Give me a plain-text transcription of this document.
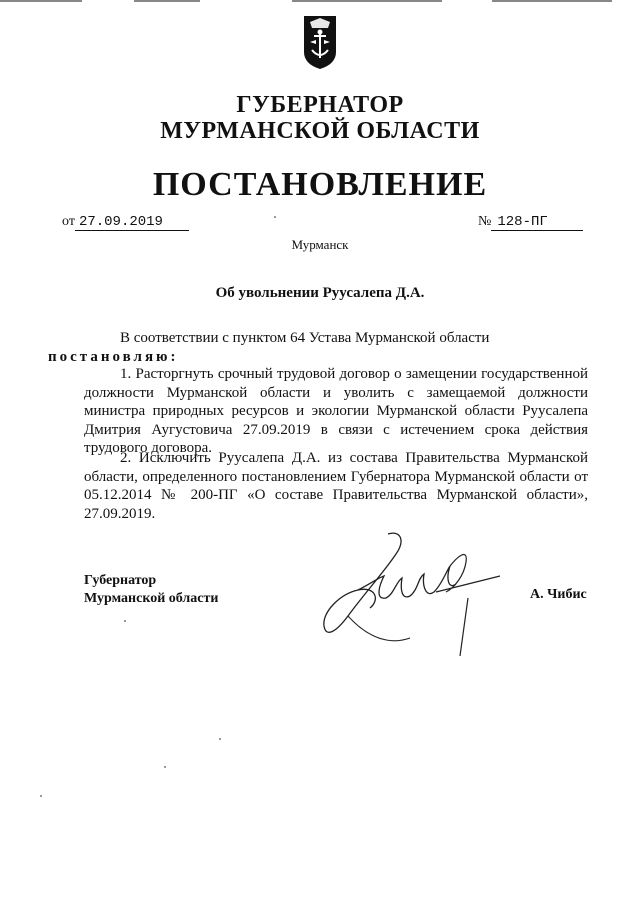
ГУБЕРНАТОР
МУРМАНСКОЙ ОБЛАСТИ
ПОСТАНОВЛЕНИЕ
от 27.09.2019	№ 128-ПГ
Мурманск
Об увольнении Руусалепа Д.А.
В соответствии с пунктом 64 Устава Мурманской области
постановляю:
1. Расторгнуть срочный трудовой договор о замещении государственной должности Мурманской области и уволить с замещаемой должности министра природных ресурсов и экологии Мурманской области Руусалепа Дмитрия Аугустовича 27.09.2019 в связи с истечением срока действия трудового договора.
2. Исключить Руусалепа Д.А. из состава Правительства Мурманской области, определенного постановлением Губернатора Мурманской области от 05.12.2014 № 200-ПГ «О составе Правительства Мурманской области», 27.09.2019.
Губернатор
Мурманской области	А. Чибис
